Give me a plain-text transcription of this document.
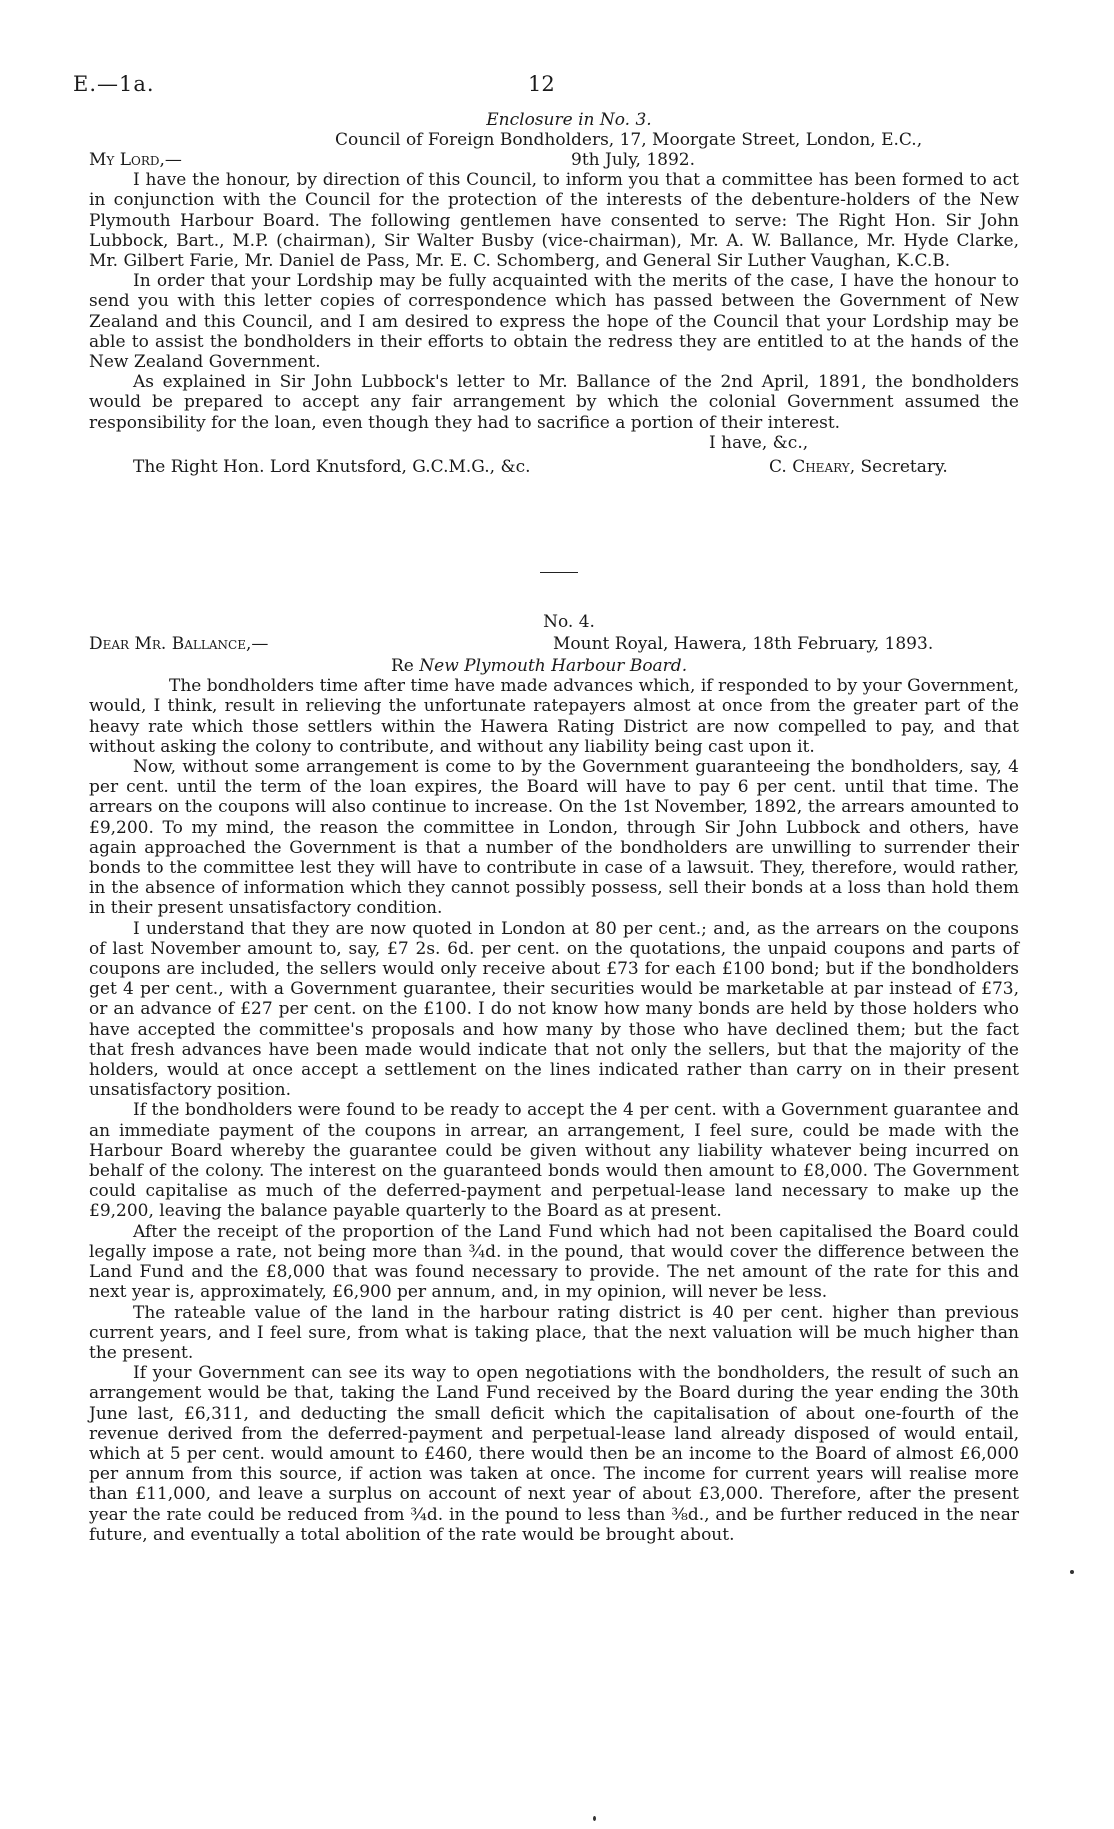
E.—1a.	12
Enclosure in No. 3.
Council of Foreign Bondholders, 17, Moorgate Street, London, E.C.,
My Lord,—	9th July, 1892.

I have the honour, by direction of this Council, to inform you that a committee has been formed to act in conjunction with the Council for the protection of the interests of the debenture-holders of the New Plymouth Harbour Board. The following gentlemen have consented to serve: The Right Hon. Sir John Lubbock, Bart., M.P. (chairman), Sir Walter Busby (vice-chairman), Mr. A. W. Ballance, Mr. Hyde Clarke, Mr. Gilbert Farie, Mr. Daniel de Pass, Mr. E. C. Schomberg, and General Sir Luther Vaughan, K.C.B.

In order that your Lordship may be fully acquainted with the merits of the case, I have the honour to send you with this letter copies of correspondence which has passed between the Government of New Zealand and this Council, and I am desired to express the hope of the Council that your Lordship may be able to assist the bondholders in their efforts to obtain the redress they are entitled to at the hands of the New Zealand Government.

As explained in Sir John Lubbock's letter to Mr. Ballance of the 2nd April, 1891, the bondholders would be prepared to accept any fair arrangement by which the colonial Government assumed the responsibility for the loan, even though they had to sacrifice a portion of their interest.

I have, &c.,
The Right Hon. Lord Knutsford, G.C.M.G., &c.	C. Cheary, Secretary.
No. 4.
Dear Mr. Ballance,—	Mount Royal, Hawera, 18th February, 1893.
Re New Plymouth Harbour Board.

The bondholders time after time have made advances which, if responded to by your Government, would, I think, result in relieving the unfortunate ratepayers almost at once from the greater part of the heavy rate which those settlers within the Hawera Rating District are now compelled to pay, and that without asking the colony to contribute, and without any liability being cast upon it.

Now, without some arrangement is come to by the Government guaranteeing the bondholders, say, 4 per cent. until the term of the loan expires, the Board will have to pay 6 per cent. until that time. The arrears on the coupons will also continue to increase. On the 1st November, 1892, the arrears amounted to £9,200. To my mind, the reason the committee in London, through Sir John Lubbock and others, have again approached the Government is that a number of the bondholders are unwilling to surrender their bonds to the committee lest they will have to contribute in case of a lawsuit. They, therefore, would rather, in the absence of information which they cannot possibly possess, sell their bonds at a loss than hold them in their present unsatisfactory condition.

I understand that they are now quoted in London at 80 per cent.; and, as the arrears on the coupons of last November amount to, say, £7 2s. 6d. per cent. on the quotations, the unpaid coupons and parts of coupons are included, the sellers would only receive about £73 for each £100 bond; but if the bondholders get 4 per cent., with a Government guarantee, their securities would be marketable at par instead of £73, or an advance of £27 per cent. on the £100. I do not know how many bonds are held by those holders who have accepted the committee's proposals and how many by those who have declined them; but the fact that fresh advances have been made would indicate that not only the sellers, but that the majority of the holders, would at once accept a settlement on the lines indicated rather than carry on in their present unsatisfactory position.

If the bondholders were found to be ready to accept the 4 per cent. with a Government guarantee and an immediate payment of the coupons in arrear, an arrangement, I feel sure, could be made with the Harbour Board whereby the guarantee could be given without any liability whatever being incurred on behalf of the colony. The interest on the guaranteed bonds would then amount to £8,000. The Government could capitalise as much of the deferred-payment and perpetual-lease land necessary to make up the £9,200, leaving the balance payable quarterly to the Board as at present.

After the receipt of the proportion of the Land Fund which had not been capitalised the Board could legally impose a rate, not being more than ¾d. in the pound, that would cover the difference between the Land Fund and the £8,000 that was found necessary to provide. The net amount of the rate for this and next year is, approximately, £6,900 per annum, and, in my opinion, will never be less.

The rateable value of the land in the harbour rating district is 40 per cent. higher than previous current years, and I feel sure, from what is taking place, that the next valuation will be much higher than the present.

If your Government can see its way to open negotiations with the bondholders, the result of such an arrangement would be that, taking the Land Fund received by the Board during the year ending the 30th June last, £6,311, and deducting the small deficit which the capitalisation of about one-fourth of the revenue derived from the deferred-payment and perpetual-lease land already disposed of would entail, which at 5 per cent. would amount to £460, there would then be an income to the Board of almost £6,000 per annum from this source, if action was taken at once. The income for current years will realise more than £11,000, and leave a surplus on account of next year of about £3,000. Therefore, after the present year the rate could be reduced from ¾d. in the pound to less than ⅜d., and be further reduced in the near future, and eventually a total abolition of the rate would be brought about.
